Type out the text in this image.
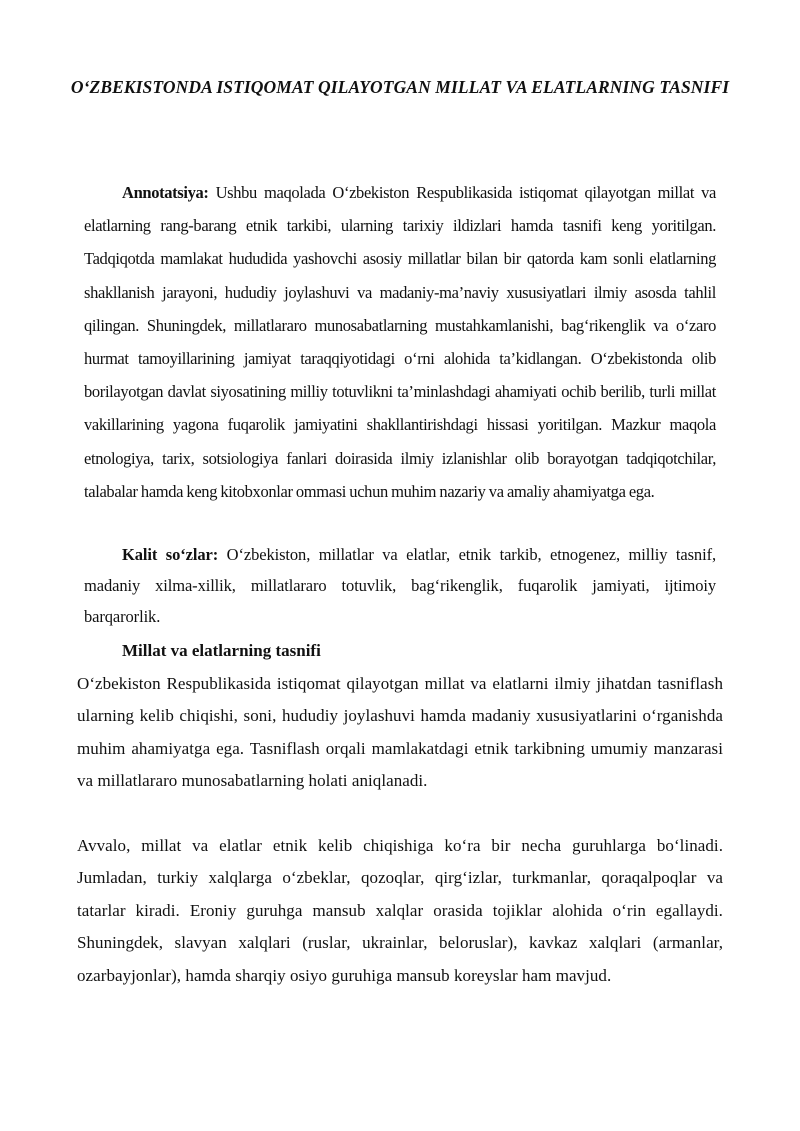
O‘ZBEKISTONDA ISTIQOMAT QILAYOTGAN MILLAT VA ELATLARNING TASNIFI

Annotatsiya: Ushbu maqolada O‘zbekiston Respublikasida istiqomat qilayotgan millat va elatlarning rang-barang etnik tarkibi, ularning tarixiy ildizlari hamda tasnifi keng yoritilgan. Tadqiqotda mamlakat hududida yashovchi asosiy millatlar bilan bir qatorda kam sonli elatlarning shakllanish jarayoni, hududiy joylashuvi va madaniy-ma’naviy xususiyatlari ilmiy asosda tahlil qilingan. Shuningdek, millatlararo munosabatlarning mustahkamlanishi, bag‘rikenglik va o‘zaro hurmat tamoyillarining jamiyat taraqqiyotidagi o‘rni alohida ta’kidlangan. O‘zbekistonda olib borilayotgan davlat siyosatining milliy totuvlikni ta’minlashdagi ahamiyati ochib berilib, turli millat vakillarining yagona fuqarolik jamiyatini shakllantirishdagi hissasi yoritilgan. Mazkur maqola etnologiya, tarix, sotsiologiya fanlari doirasida ilmiy izlanishlar olib borayotgan tadqiqotchilar, talabalar hamda keng kitobxonlar ommasi uchun muhim nazariy va amaliy ahamiyatga ega.

Kalit so‘zlar: O‘zbekiston, millatlar va elatlar, etnik tarkib, etnogenez, milliy tasnif, madaniy xilma-xillik, millatlararo totuvlik, bag‘rikenglik, fuqarolik jamiyati, ijtimoiy barqarorlik.

Millat va elatlarning tasnifi

O‘zbekiston Respublikasida istiqomat qilayotgan millat va elatlarni ilmiy jihatdan tasniflash ularning kelib chiqishi, soni, hududiy joylashuvi hamda madaniy xususiyatlarini o‘rganishda muhim ahamiyatga ega. Tasniflash orqali mamlakatdagi etnik tarkibning umumiy manzarasi va millatlararo munosabatlarning holati aniqlanadi.

Avvalo, millat va elatlar etnik kelib chiqishiga ko‘ra bir necha guruhlarga bo‘linadi. Jumladan, turkiy xalqlarga o‘zbeklar, qozoqlar, qirg‘izlar, turkmanlar, qoraqalpoqlar va tatarlar kiradi. Eroniy guruhga mansub xalqlar orasida tojiklar alohida o‘rin egallaydi. Shuningdek, slavyan xalqlari (ruslar, ukrainlar, beloruslar), kavkaz xalqlari (armanlar, ozarbayjonlar), hamda sharqiy osiyo guruhiga mansub koreyslar ham mavjud.
